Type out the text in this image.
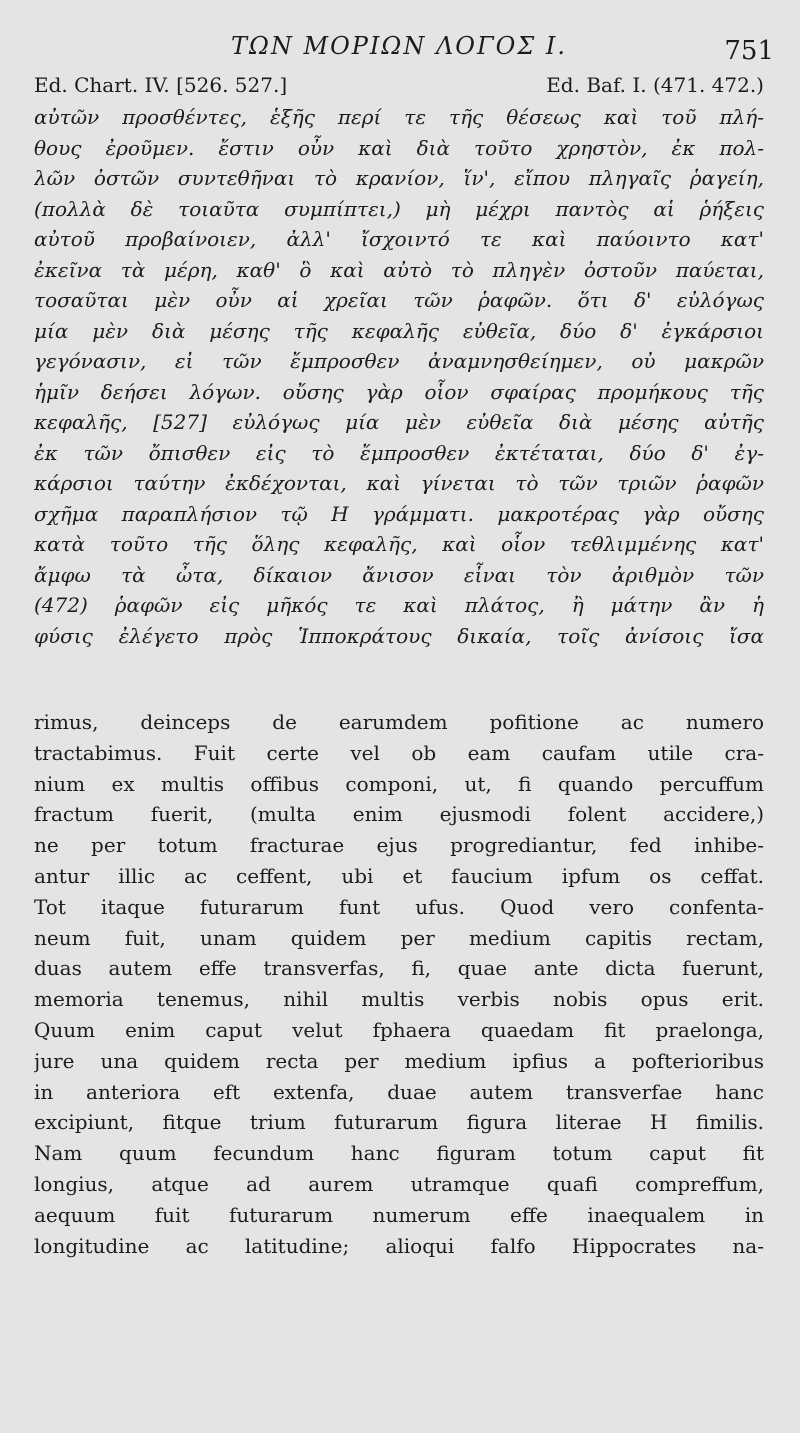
ΤΩΝ ΜΟΡΙΩΝ ΛΟΓΟΣ Ι.	751
Ed. Chart. IV. [526. 527.]	Ed. Baf. I. (471. 472.)
αὐτῶν προσθέντες, ἑξῆς περί τε τῆς θέσεως καὶ τοῦ πλή-
θους ἐροῦμεν. ἔστιν οὖν καὶ διὰ τοῦτο χρηστὸν, ἐκ πολ-
λῶν ὀστῶν συντεθῆναι τὸ κρανίον, ἵν', εἴπου πληγαῖς ῥαγείη,
(πολλὰ δὲ τοιαῦτα συμπίπτει,) μὴ μέχρι παντὸς αἱ ῥήξεις
αὐτοῦ προβαίνοιεν, ἀλλ' ἴσχοιντό τε καὶ παύοιντο κατ'
ἐκεῖνα τὰ μέρη, καθ' ὃ καὶ αὐτὸ τὸ πληγὲν ὀστοῦν παύεται,
τοσαῦται μὲν οὖν αἱ χρεῖαι τῶν ῥαφῶν. ὅτι δ' εὐλόγως
μία μὲν διὰ μέσης τῆς κεφαλῆς εὐθεῖα, δύο δ' ἐγκάρσιοι
γεγόνασιν, εἰ τῶν ἔμπροσθεν ἀναμνησθείημεν, οὐ μακρῶν
ἡμῖν δεήσει λόγων. οὔσης γὰρ οἷον σφαίρας προμήκους τῆς
κεφαλῆς, [527] εὐλόγως μία μὲν εὐθεῖα διὰ μέσης αὐτῆς
ἐκ τῶν ὄπισθεν εἰς τὸ ἔμπροσθεν ἐκτέταται, δύο δ' ἐγ-
κάρσιοι ταύτην ἐκδέχονται, καὶ γίνεται τὸ τῶν τριῶν ῥαφῶν
σχῆμα παραπλήσιον τῷ Η γράμματι. μακροτέρας γὰρ οὔσης
κατὰ τοῦτο τῆς ὅλης κεφαλῆς, καὶ οἷον τεθλιμμένης κατ'
ἄμφω τὰ ὦτα, δίκαιον ἄνισον εἶναι τὸν ἀριθμὸν τῶν
(472) ῥαφῶν εἰς μῆκός τε καὶ πλάτος, ἢ μάτην ἂν ἡ
φύσις ἐλέγετο πρὸς Ἱπποκράτους δικαία, τοῖς ἀνίσοις ἴσα
rimus, deinceps de earumdem pofitione ac numero
tractabimus. Fuit certe vel ob eam caufam utile cra-
nium ex multis offibus componi, ut, fi quando percuffum
fractum fuerit, (multa enim ejusmodi folent accidere,)
ne per totum fracturae ejus progrediantur, fed inhibe-
antur illic ac ceffent, ubi et faucium ipfum os ceffat.
Tot itaque futurarum funt ufus. Quod vero confenta-
neum fuit, unam quidem per medium capitis rectam,
duas autem effe transverfas, fi, quae ante dicta fuerunt,
memoria tenemus, nihil multis verbis nobis opus erit.
Quum enim caput velut fphaera quaedam fit praelonga,
jure una quidem recta per medium ipfius a pofterioribus
in anteriora eft extenfa, duae autem transverfae hanc
excipiunt, fitque trium futurarum figura literae H fimilis.
Nam quum fecundum hanc figuram totum caput fit
longius, atque ad aurem utramque quafi compreffum,
aequum fuit futurarum numerum effe inaequalem in
longitudine ac latitudine; alioqui falfo Hippocrates na-
